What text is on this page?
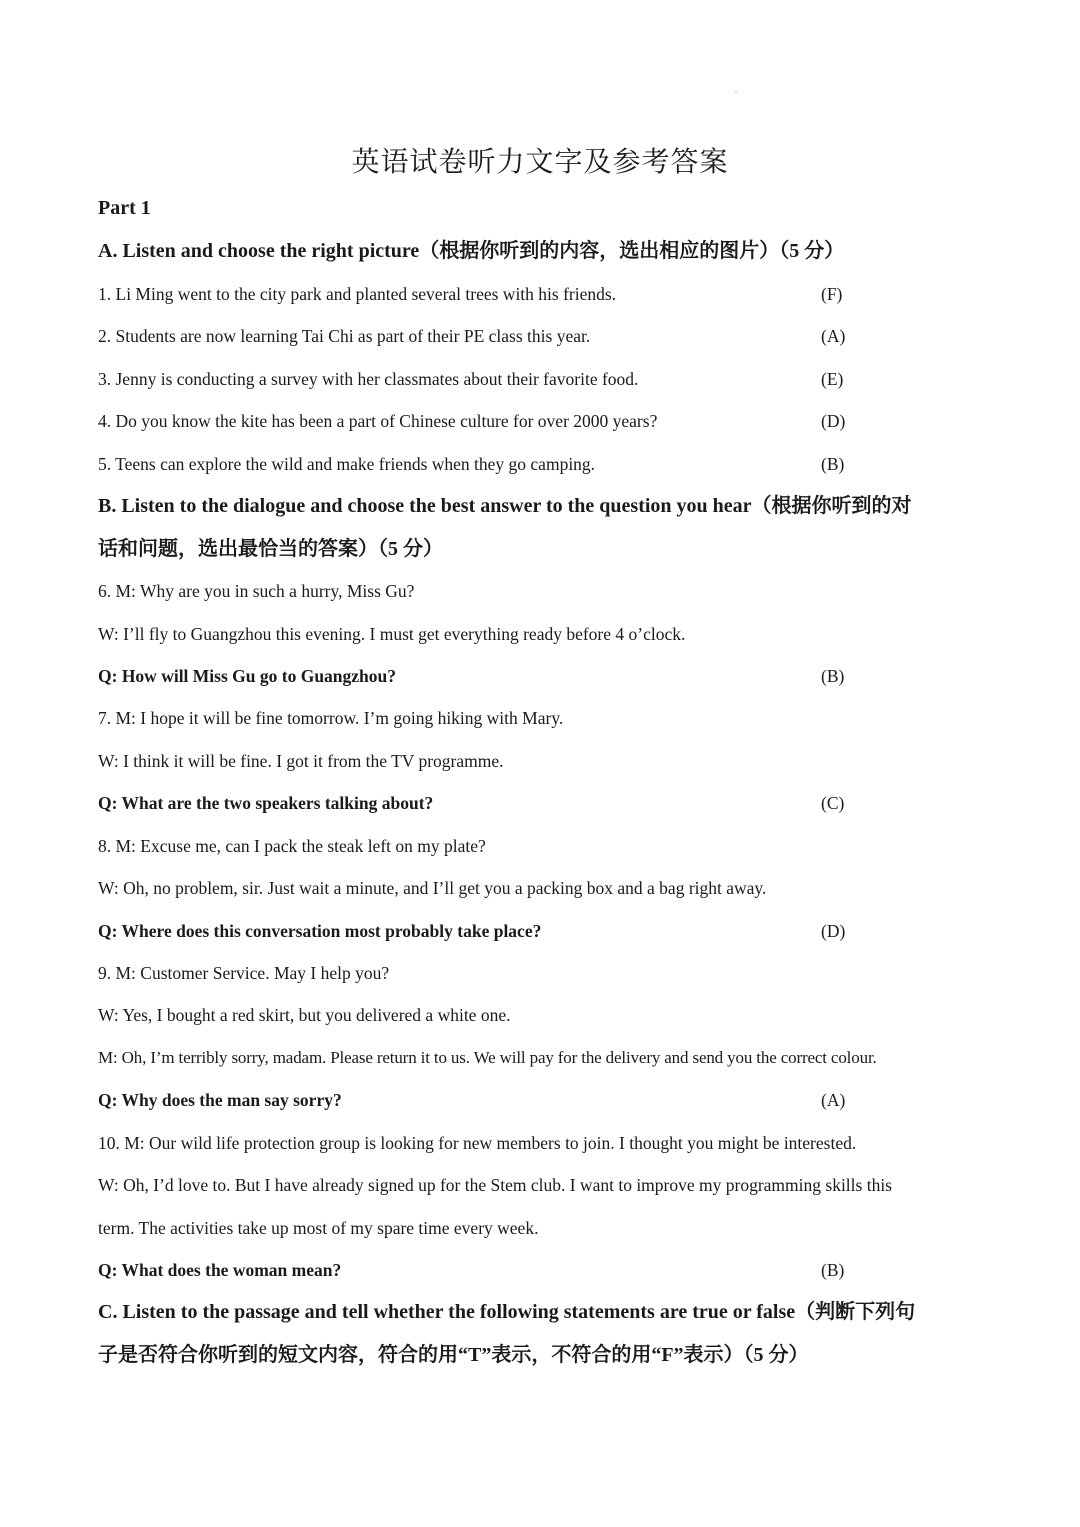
英语试卷听力文字及参考答案
Part 1
A. Listen and choose the right picture（根据你听到的内容，选出相应的图片）（5 分）
1. Li Ming went to the city park and planted several trees with his friends.	(F)
2. Students are now learning Tai Chi as part of their PE class this year.	(A)
3. Jenny is conducting a survey with her classmates about their favorite food.	(E)
4. Do you know the kite has been a part of Chinese culture for over 2000 years?	(D)
5. Teens can explore the wild and make friends when they go camping.	(B)
B. Listen to the dialogue and choose the best answer to the question you hear（根据你听到的对
话和问题，选出最恰当的答案）（5 分）
6. M: Why are you in such a hurry, Miss Gu?
W: I’ll fly to Guangzhou this evening. I must get everything ready before 4 o’clock.
Q: How will Miss Gu go to Guangzhou?	(B)
7. M: I hope it will be fine tomorrow. I’m going hiking with Mary.
W: I think it will be fine. I got it from the TV programme.
Q: What are the two speakers talking about?	(C)
8. M: Excuse me, can I pack the steak left on my plate?
W: Oh, no problem, sir. Just wait a minute, and I’ll get you a packing box and a bag right away.
Q: Where does this conversation most probably take place?	(D)
9. M: Customer Service. May I help you?
W: Yes, I bought a red skirt, but you delivered a white one.
M: Oh, I’m terribly sorry, madam. Please return it to us. We will pay for the delivery and send you the correct colour.
Q: Why does the man say sorry?	(A)
10. M: Our wild life protection group is looking for new members to join. I thought you might be interested.
W: Oh, I’d love to. But I have already signed up for the Stem club. I want to improve my programming skills this
term. The activities take up most of my spare time every week.
Q: What does the woman mean?	(B)
C. Listen to the passage and tell whether the following statements are true or false（判断下列句
子是否符合你听到的短文内容，符合的用“T”表示，不符合的用“F”表示）（5 分）
